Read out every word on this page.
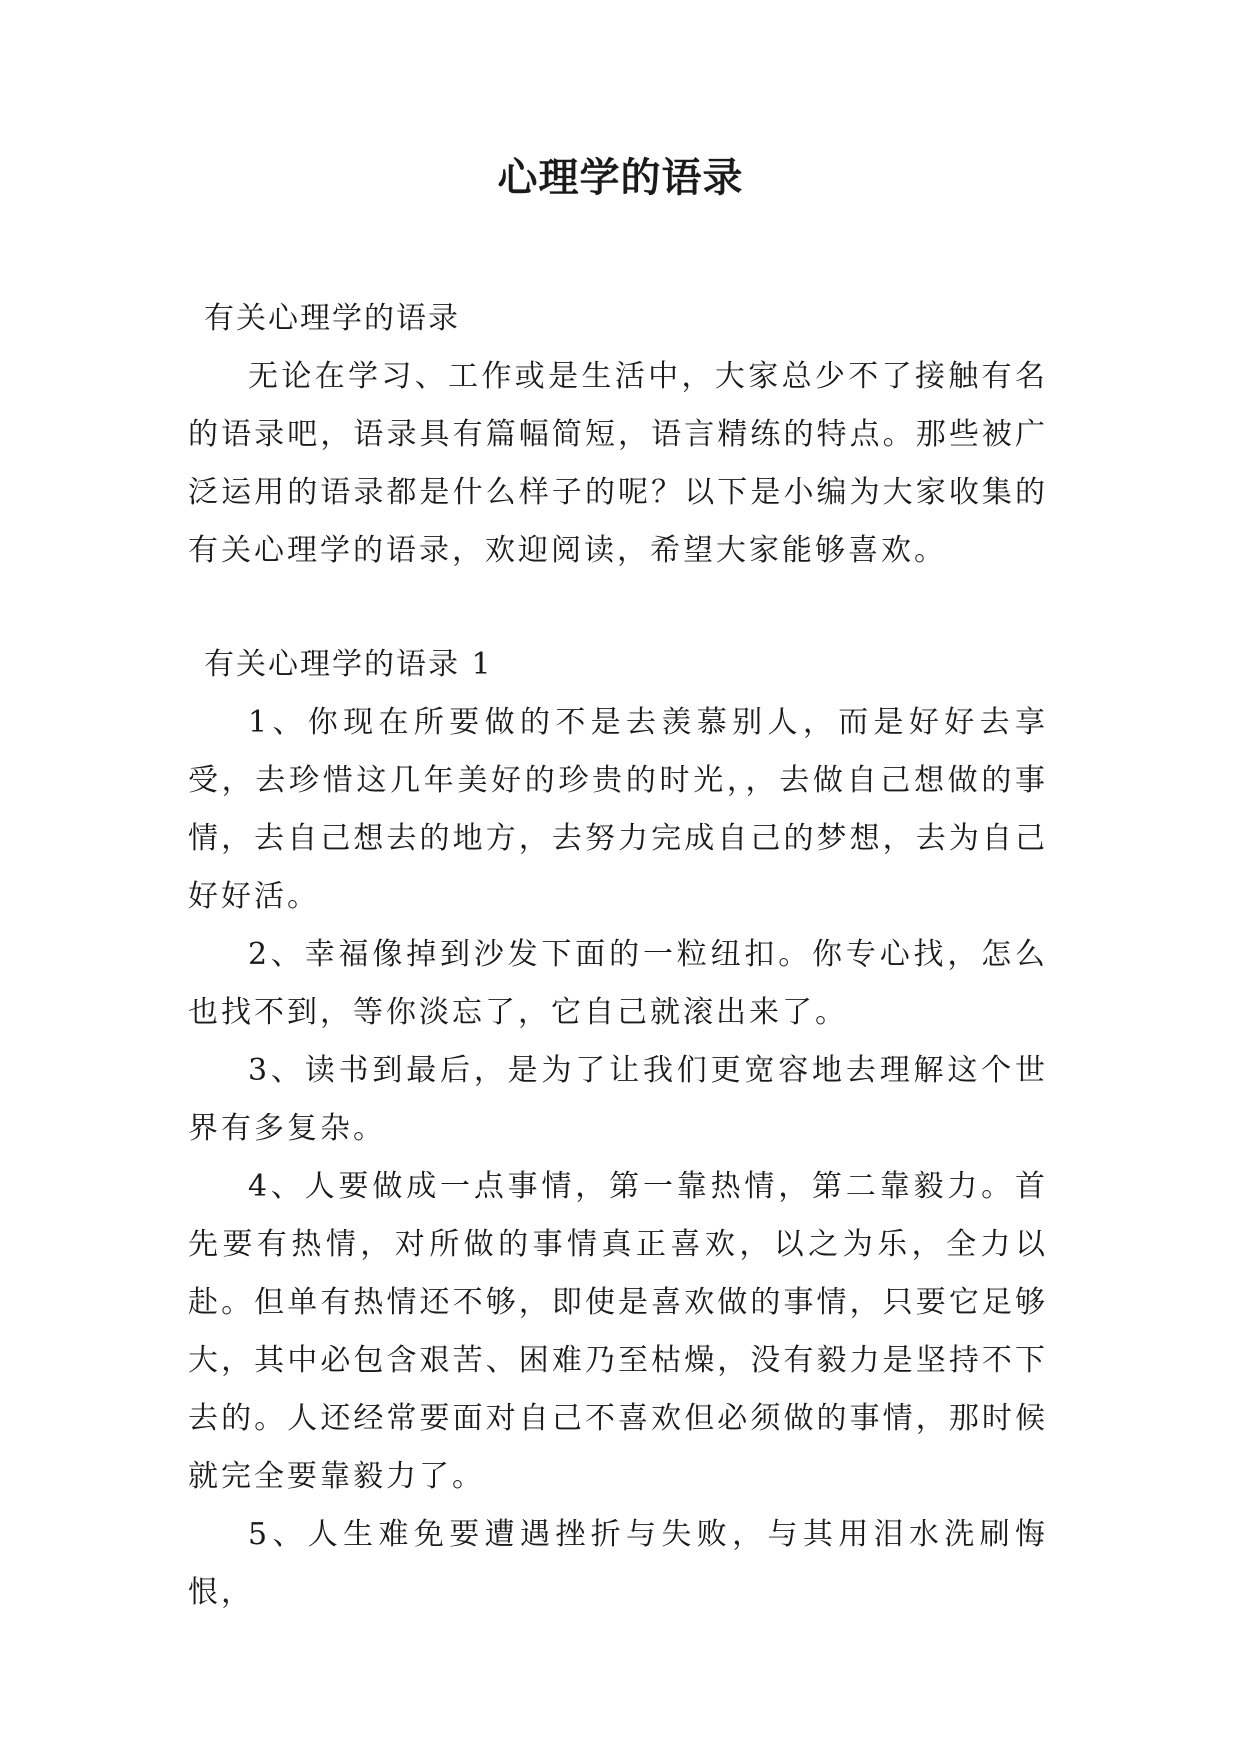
心理学的语录
有关心理学的语录

无论在学习、工作或是生活中，大家总少不了接触有名的语录吧，语录具有篇幅简短，语言精练的特点。那些被广泛运用的语录都是什么样子的呢？以下是小编为大家收集的 有关心理学的语录，欢迎阅读，希望大家能够喜欢。

有关心理学的语录 1

1、你现在所要做的不是去羡慕别人，而是好好去享受，去珍惜这几年美好的珍贵的时光，，去做自己想做的事情，去自己想去的地方，去努力完成自己的梦想，去为自己好好活。

2、幸福像掉到沙发下面的一粒纽扣。你专心找，怎么也找不到，等你淡忘了，它自己就滚出来了。

3、读书到最后，是为了让我们更宽容地去理解这个世界有多复杂。

4、人要做成一点事情，第一靠热情，第二靠毅力。首先要有热情，对所做的事情真正喜欢，以之为乐，全力以赴。但单有热情还不够，即使是喜欢做的事情，只要它足够大，其中必包含艰苦、困难乃至枯燥，没有毅力是坚持不下去的。人还经常要面对自己不喜欢但必须做的事情，那时候就完全要靠毅力了。

5、人生难免要遭遇挫折与失败，与其用泪水洗刷悔恨，
